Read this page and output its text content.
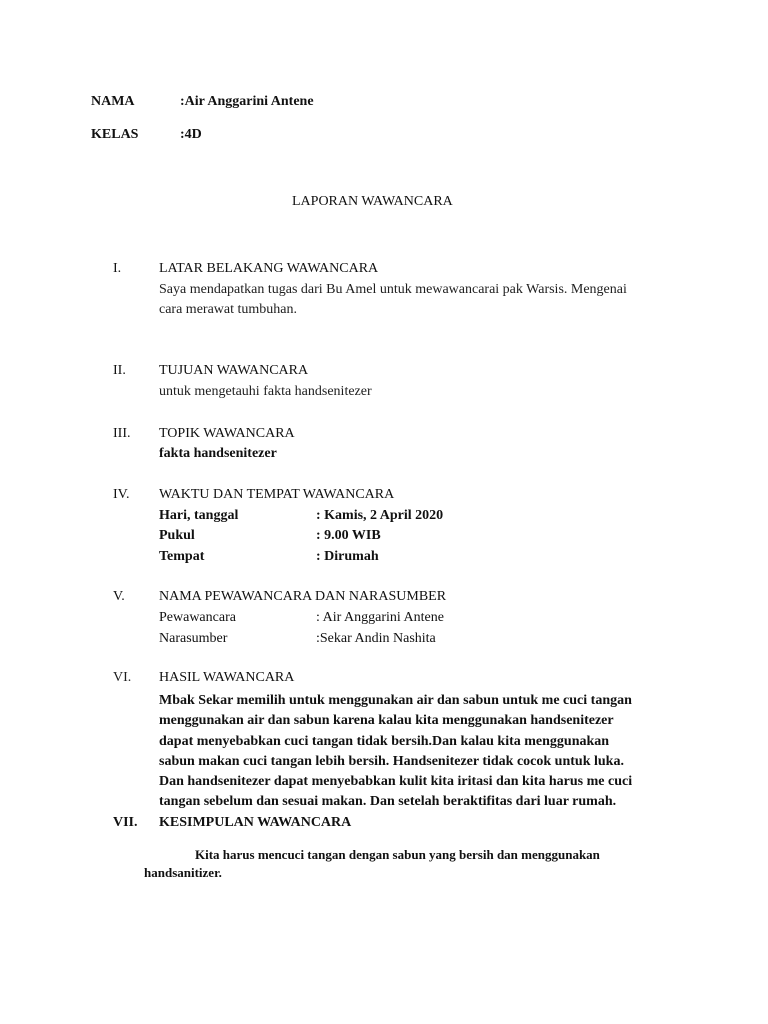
NAMA	:Air Anggarini Antene
KELAS	:4D
LAPORAN WAWANCARA
I.	LATAR BELAKANG WAWANCARA
Saya mendapatkan tugas dari Bu Amel untuk mewawancarai pak Warsis. Mengenai
cara merawat tumbuhan.
II. TUJUAN WAWANCARA
untuk mengetauhi fakta handsenitezer
III. TOPIK WAWANCARA
fakta handsenitezer
IV. WAKTU DAN TEMPAT WAWANCARA
Hari, tanggal	: Kamis, 2 April 2020
Pukul	: 9.00 WIB
Tempat	: Dirumah
V. NAMA PEWAWANCARA DAN NARASUMBER
Pewawancara	: Air Anggarini Antene
Narasumber	:Sekar Andin Nashita
VI. HASIL WAWANCARA

Mbak Sekar memilih untuk menggunakan air dan sabun untuk me cuci tangan

menggunakan air dan sabun karena kalau kita menggunakan handsenitezer

dapat menyebabkan cuci tangan tidak bersih.Dan kalau kita menggunakan

sabun makan cuci tangan lebih bersih. Handsenitezer tidak cocok untuk luka.

Dan handsenitezer dapat menyebabkan kulit kita iritasi dan kita harus me cuci

tangan sebelum dan sesuai makan. Dan setelah beraktifitas dari luar rumah.

VII. KESIMPULAN WAWANCARA
Kita harus mencuci tangan dengan sabun yang bersih dan menggunakan
handsanitizer.
